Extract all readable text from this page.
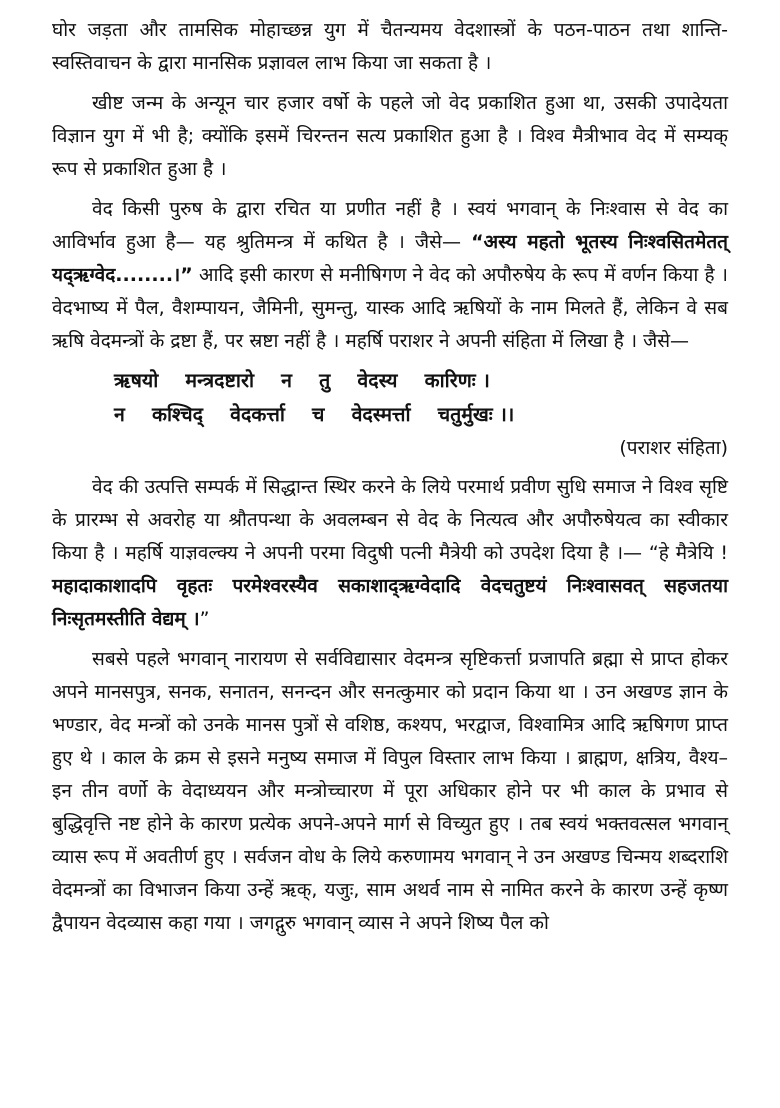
घोर जड़ता और तामसिक मोहाच्छन्न युग में चैतन्यमय वेदशास्त्रों के पठन-पाठन तथा शान्ति-स्वस्तिवाचन के द्वारा मानसिक प्रज्ञावल लाभ किया जा सकता है ।

खीष्ट जन्म के अन्यून चार हजार वर्षो के पहले जो वेद प्रकाशित हुआ था, उसकी उपादेयता विज्ञान युग में भी है; क्योंकि इसमें चिरन्तन सत्य प्रकाशित हुआ है । विश्व मैत्रीभाव वेद में सम्यक् रूप से प्रकाशित हुआ है ।

वेद किसी पुरुष के द्वारा रचित या प्रणीत नहीं है । स्वयं भगवान् के निःश्वास से वेद का आविर्भाव हुआ है— यह श्रुतिमन्त्र में कथित है । जैसे— “अस्य महतो भूतस्य निःश्वसितमेतत् यद्ऋग्वेद........।” आदि इसी कारण से मनीषिगण ने वेद को अपौरुषेय के रूप में वर्णन किया है । वेदभाष्य में पैल, वैशम्पायन, जैमिनी, सुमन्तु, यास्क आदि ऋषियों के नाम मिलते हैं, लेकिन वे सब ऋषि वेदमन्त्रों के द्रष्टा हैं, पर स्रष्टा नहीं है । महर्षि पराशर ने अपनी संहिता में लिखा है । जैसे—

ऋषयो    मन्त्रदष्टारो    न    तु    वेदस्य    कारिणः ।
न    कश्चिद्    वेदकर्त्ता    च    वेदस्मर्त्ता    चतुर्मुखः ।।

(पराशर संहिता)

वेद की उत्पत्ति सम्पर्क में सिद्धान्त स्थिर करने के लिये परमार्थ प्रवीण सुधि समाज ने विश्व सृष्टि के प्रारम्भ से अवरोह या श्रौतपन्था के अवलम्बन से वेद के नित्यत्व और अपौरुषेयत्व का स्वीकार किया है । महर्षि याज्ञवल्क्य ने अपनी परमा विदुषी पत्नी मैत्रेयी को उपदेश दिया है ।— “हे मैत्रेयि ! महादाकाशादपि वृहतः परमेश्वरस्यैव सकाशाद्ऋग्वेदादि वेदचतुष्टयं निःश्वासवत् सहजतया निःसृतमस्तीति वेद्यम् ।”

सबसे पहले भगवान् नारायण से सर्वविद्यासार वेदमन्त्र सृष्टिकर्त्ता प्रजापति ब्रह्मा से प्राप्त होकर अपने मानसपुत्र, सनक, सनातन, सनन्दन और सनत्कुमार को प्रदान किया था । उन अखण्ड ज्ञान के भण्डार, वेद मन्त्रों को उनके मानस पुत्रों से वशिष्ठ, कश्यप, भरद्वाज, विश्वामित्र आदि ऋषिगण प्राप्त हुए थे । काल के क्रम से इसने मनुष्य समाज में विपुल विस्तार लाभ किया । ब्राह्मण, क्षत्रिय, वैश्य– इन तीन वर्णो के वेदाध्ययन और मन्त्रोच्चारण में पूरा अधिकार होने पर भी काल के प्रभाव से बुद्धिवृत्ति नष्ट होने के कारण प्रत्येक अपने-अपने मार्ग से विच्युत हुए । तब स्वयं भक्तवत्सल भगवान् व्यास रूप में अवतीर्ण हुए । सर्वजन वोध के लिये करुणामय भगवान् ने उन अखण्ड चिन्मय शब्दराशि वेदमन्त्रों का विभाजन किया उन्हें ऋक्, यजुः, साम अथर्व नाम से नामित करने के कारण उन्हें कृष्ण द्वैपायन वेदव्यास कहा गया । जगद्गुरु भगवान् व्यास ने अपने शिष्य पैल को
